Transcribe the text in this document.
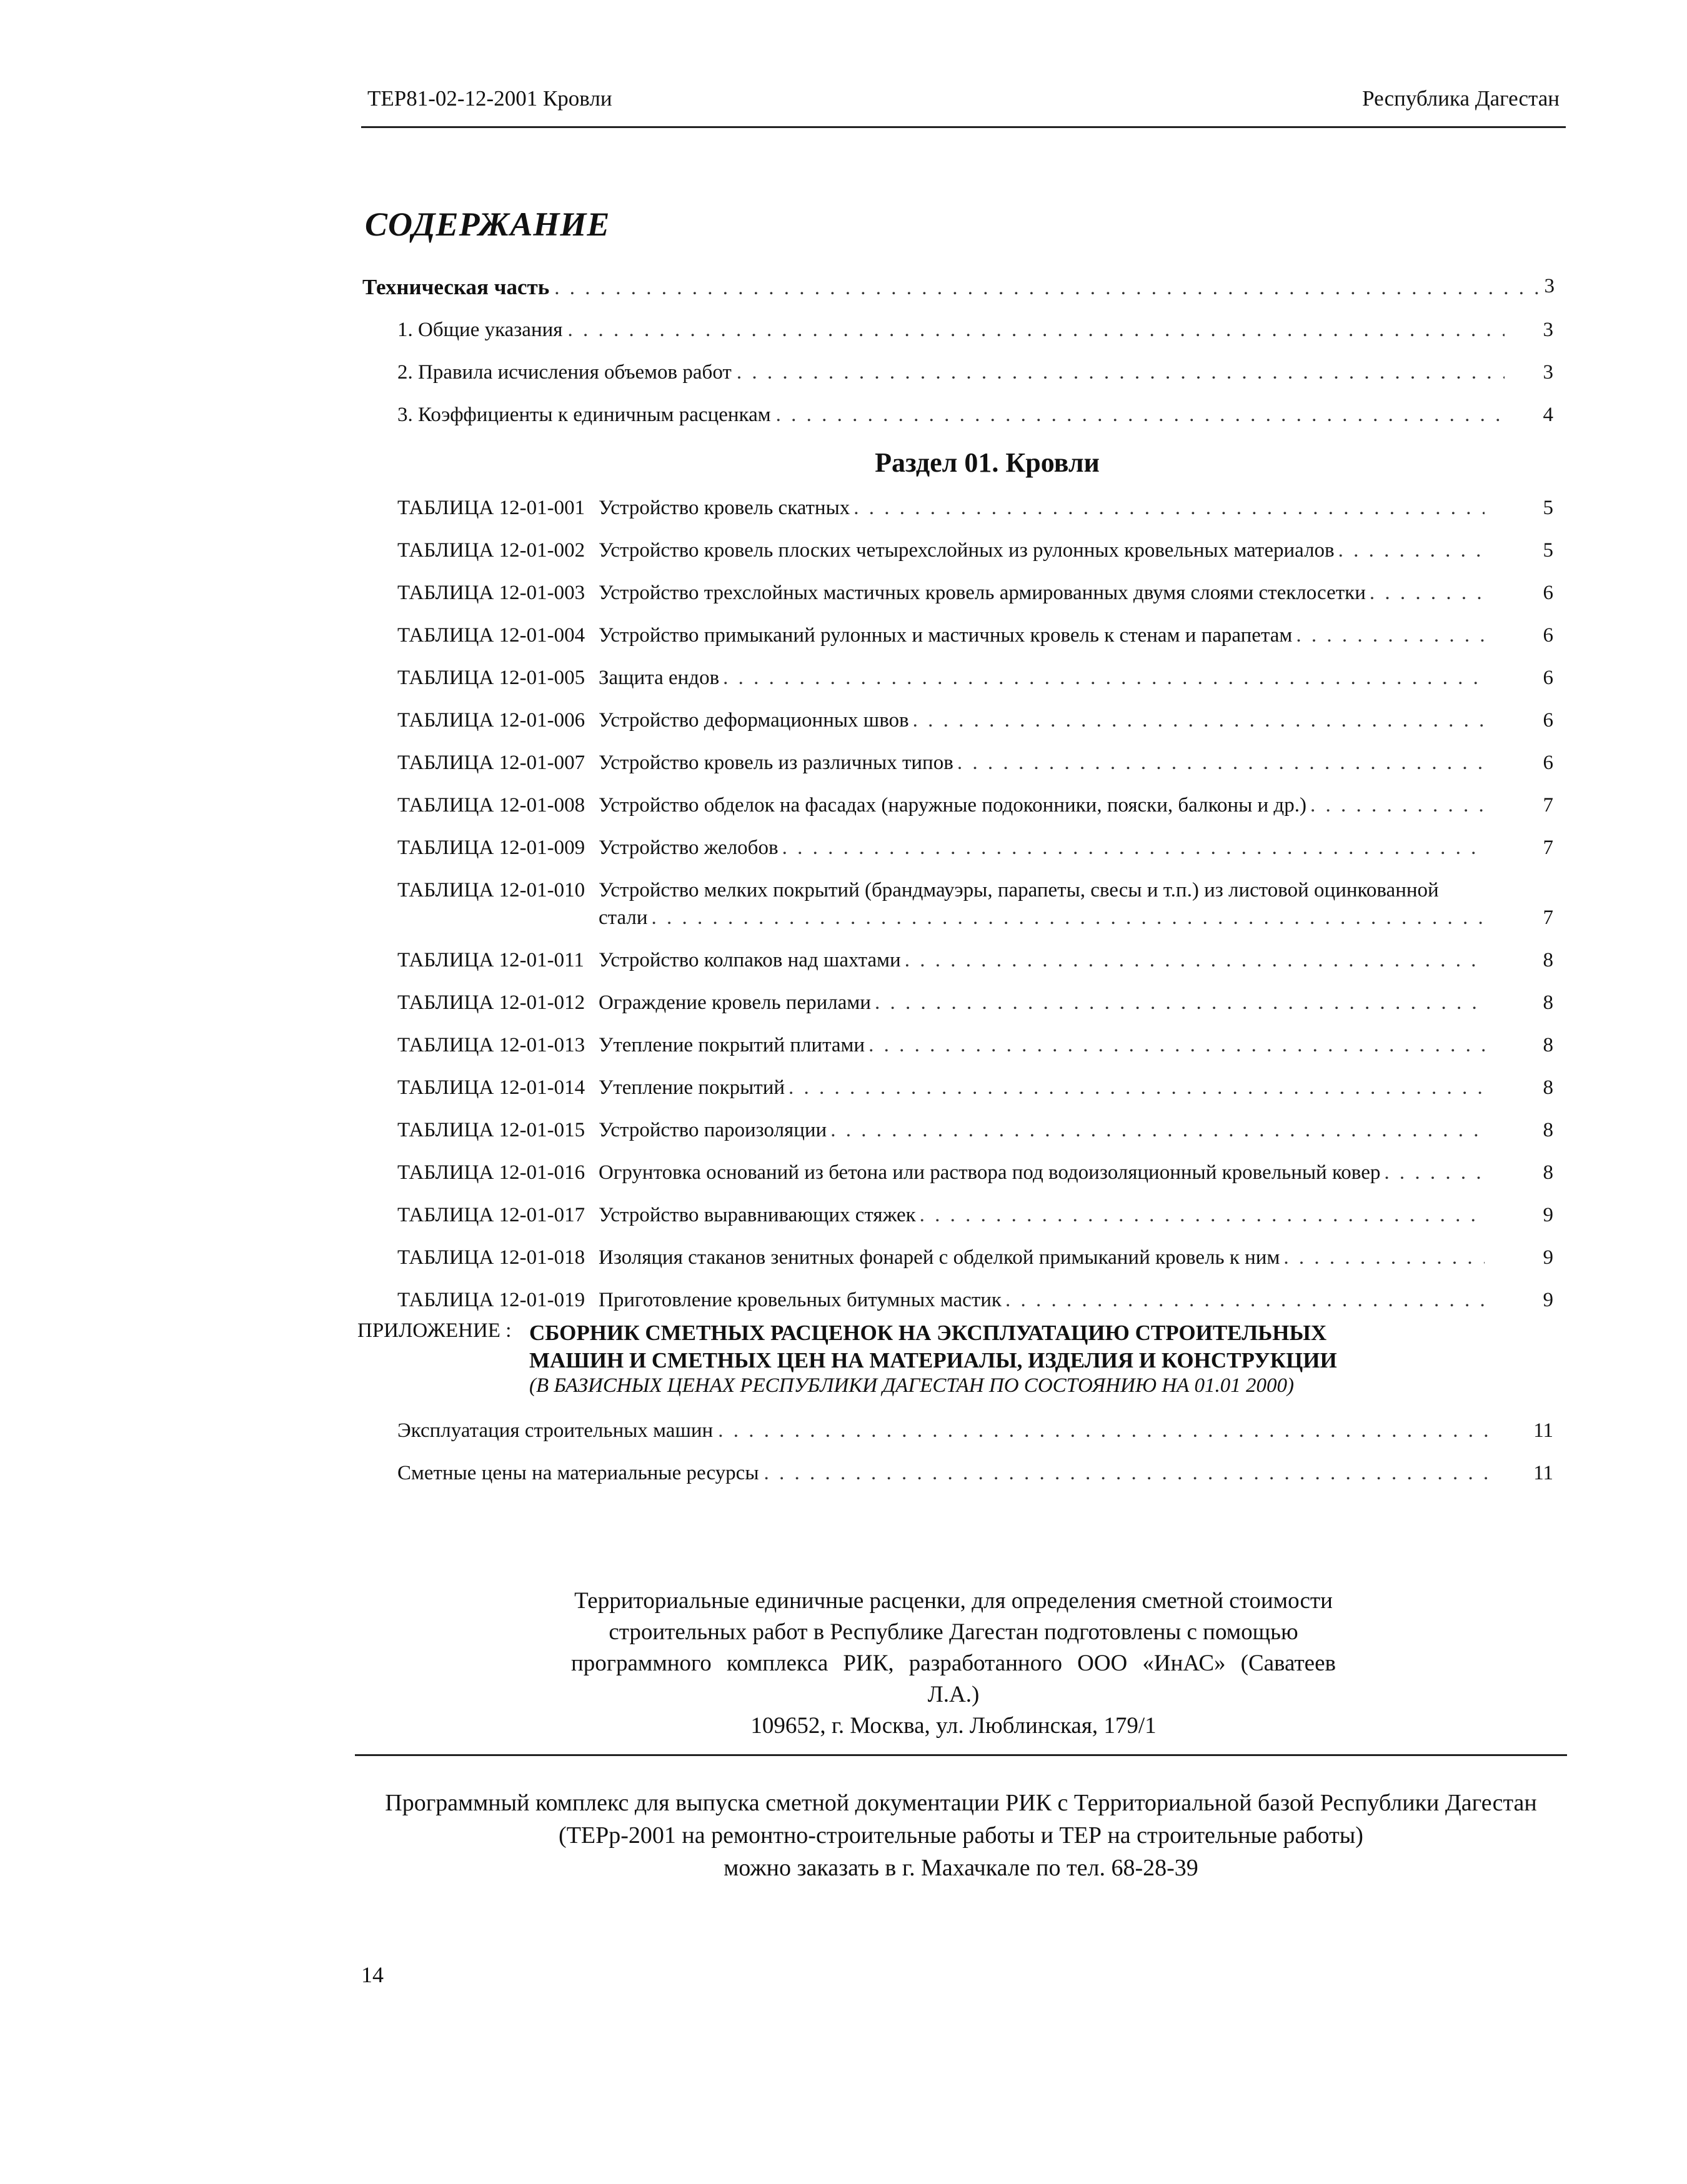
ТЕР81-02-12-2001 Кровли	Республика Дагестан
СОДЕРЖАНИЕ
Техническая часть . . .	3
1. Общие указания . . .	3
2. Правила исчисления объемов работ . . .	3
3. Коэффициенты к единичным расценкам . . .	4
Раздел 01. Кровли
ТАБЛИЦА 12-01-001 Устройство кровель скатных . . .	5
ТАБЛИЦА 12-01-002 Устройство кровель плоских четырехслойных из рулонных кровельных материалов . . .	5
ТАБЛИЦА 12-01-003 Устройство трехслойных мастичных кровель армированных двумя слоями стеклосетки . . .	6
ТАБЛИЦА 12-01-004 Устройство примыканий рулонных и мастичных кровель к стенам и парапетам . . .	6
ТАБЛИЦА 12-01-005 Защита ендов . . .	6
ТАБЛИЦА 12-01-006 Устройство деформационных швов . . .	6
ТАБЛИЦА 12-01-007 Устройство кровель из различных типов . . .	6
ТАБЛИЦА 12-01-008 Устройство обделок на фасадах (наружные подоконники, пояски, балконы и др.) . . .	7
ТАБЛИЦА 12-01-009 Устройство желобов . . .	7
ТАБЛИЦА 12-01-010 Устройство мелких покрытий (брандмауэры, парапеты, свесы и т.п.) из листовой оцинкованной
стали . . .	7
ТАБЛИЦА 12-01-011 Устройство колпаков над шахтами . . .	8
ТАБЛИЦА 12-01-012 Ограждение кровель перилами . . .	8
ТАБЛИЦА 12-01-013 Утепление покрытий плитами . . .	8
ТАБЛИЦА 12-01-014 Утепление покрытий . . .	8
ТАБЛИЦА 12-01-015 Устройство пароизоляции . . .	8
ТАБЛИЦА 12-01-016 Огрунтовка оснований из бетона или раствора под водоизоляционный кровельный ковер . . .	8
ТАБЛИЦА 12-01-017 Устройство выравнивающих стяжек . . .	9
ТАБЛИЦА 12-01-018 Изоляция стаканов зенитных фонарей с обделкой примыканий кровель к ним . . .	9
ТАБЛИЦА 12-01-019 Приготовление кровельных битумных мастик . . .	9
ПРИЛОЖЕНИЕ : СБОРНИК СМЕТНЫХ РАСЦЕНОК НА ЭКСПЛУАТАЦИЮ СТРОИТЕЛЬНЫХ
МАШИН И СМЕТНЫХ ЦЕН НА МАТЕРИАЛЫ, ИЗДЕЛИЯ И КОНСТРУКЦИИ
(В БАЗИСНЫХ ЦЕНАХ РЕСПУБЛИКИ ДАГЕСТАН ПО СОСТОЯНИЮ НА 01.01 2000)
Эксплуатация строительных машин . . .	11
Сметные цены на материальные ресурсы . . .	11
Территориальные единичные расценки, для определения сметной стоимости
строительных работ в Республике Дагестан подготовлены с помощью
программного комплекса РИК, разработанного ООО «ИнАС» (Саватеев Л.А.)
109652, г. Москва, ул. Люблинская, 179/1
Программный комплекс для выпуска сметной документации РИК с Территориальной базой Республики Дагестан
(ТЕРр-2001 на ремонтно-строительные работы и ТЕР на строительные работы)
можно заказать в г. Махачкале по тел. 68-28-39
14
